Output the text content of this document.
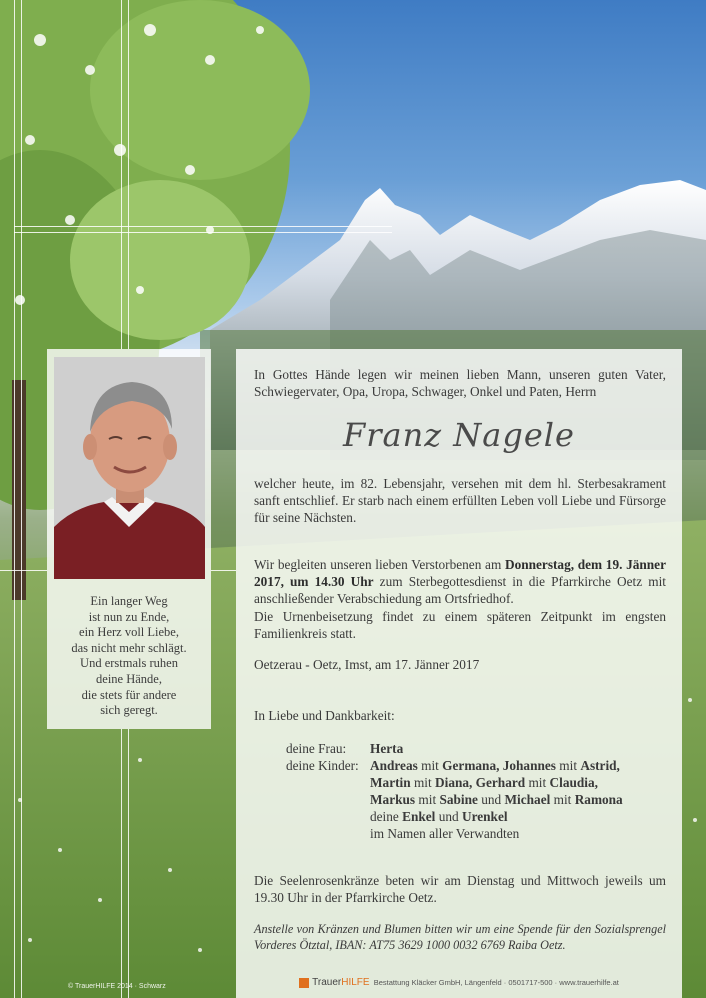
Ein langer Weg
ist nun zu Ende,
ein Herz voll Liebe,
das nicht mehr schlägt.
Und erstmals ruhen
deine Hände,
die stets für andere
sich geregt.
In Gottes Hände legen wir meinen lieben Mann, unseren guten Vater, Schwiegervater, Opa, Uropa, Schwager, Onkel und Paten, Herrn
Franz Nagele
welcher heute, im 82. Lebensjahr, versehen mit dem hl. Sterbesakrament sanft entschlief. Er starb nach einem erfüllten Leben voll Liebe und Fürsorge für seine Nächsten.
Wir begleiten unseren lieben Verstorbenen am Donnerstag, dem 19. Jänner 2017, um 14.30 Uhr zum Sterbegottesdienst in die Pfarrkirche Oetz mit anschließender Verabschiedung am Ortsfriedhof.
Die Urnenbeisetzung findet zu einem späteren Zeitpunkt im engsten Familienkreis statt.
Oetzerau - Oetz, Imst, am 17. Jänner 2017
In Liebe und Dankbarkeit:
deine Frau: Herta
deine Kinder: Andreas mit Germana, Johannes mit Astrid,
Martin mit Diana, Gerhard mit Claudia,
Markus mit Sabine und Michael mit Ramona
deine Enkel und Urenkel
im Namen aller Verwandten
Die Seelenrosenkränze beten wir am Dienstag und Mittwoch jeweils um 19.30 Uhr in der Pfarrkirche Oetz.
Anstelle von Kränzen und Blumen bitten wir um eine Spende für den Sozialsprengel Vorderes Ötztal, IBAN: AT75 3629 1000 0032 6769 Raiba Oetz.
TrauerHILFE Bestattung Kläcker GmbH, Längenfeld · 0501717-500 · www.trauerhilfe.at
© TrauerHILFE 2014 · Schwarz
